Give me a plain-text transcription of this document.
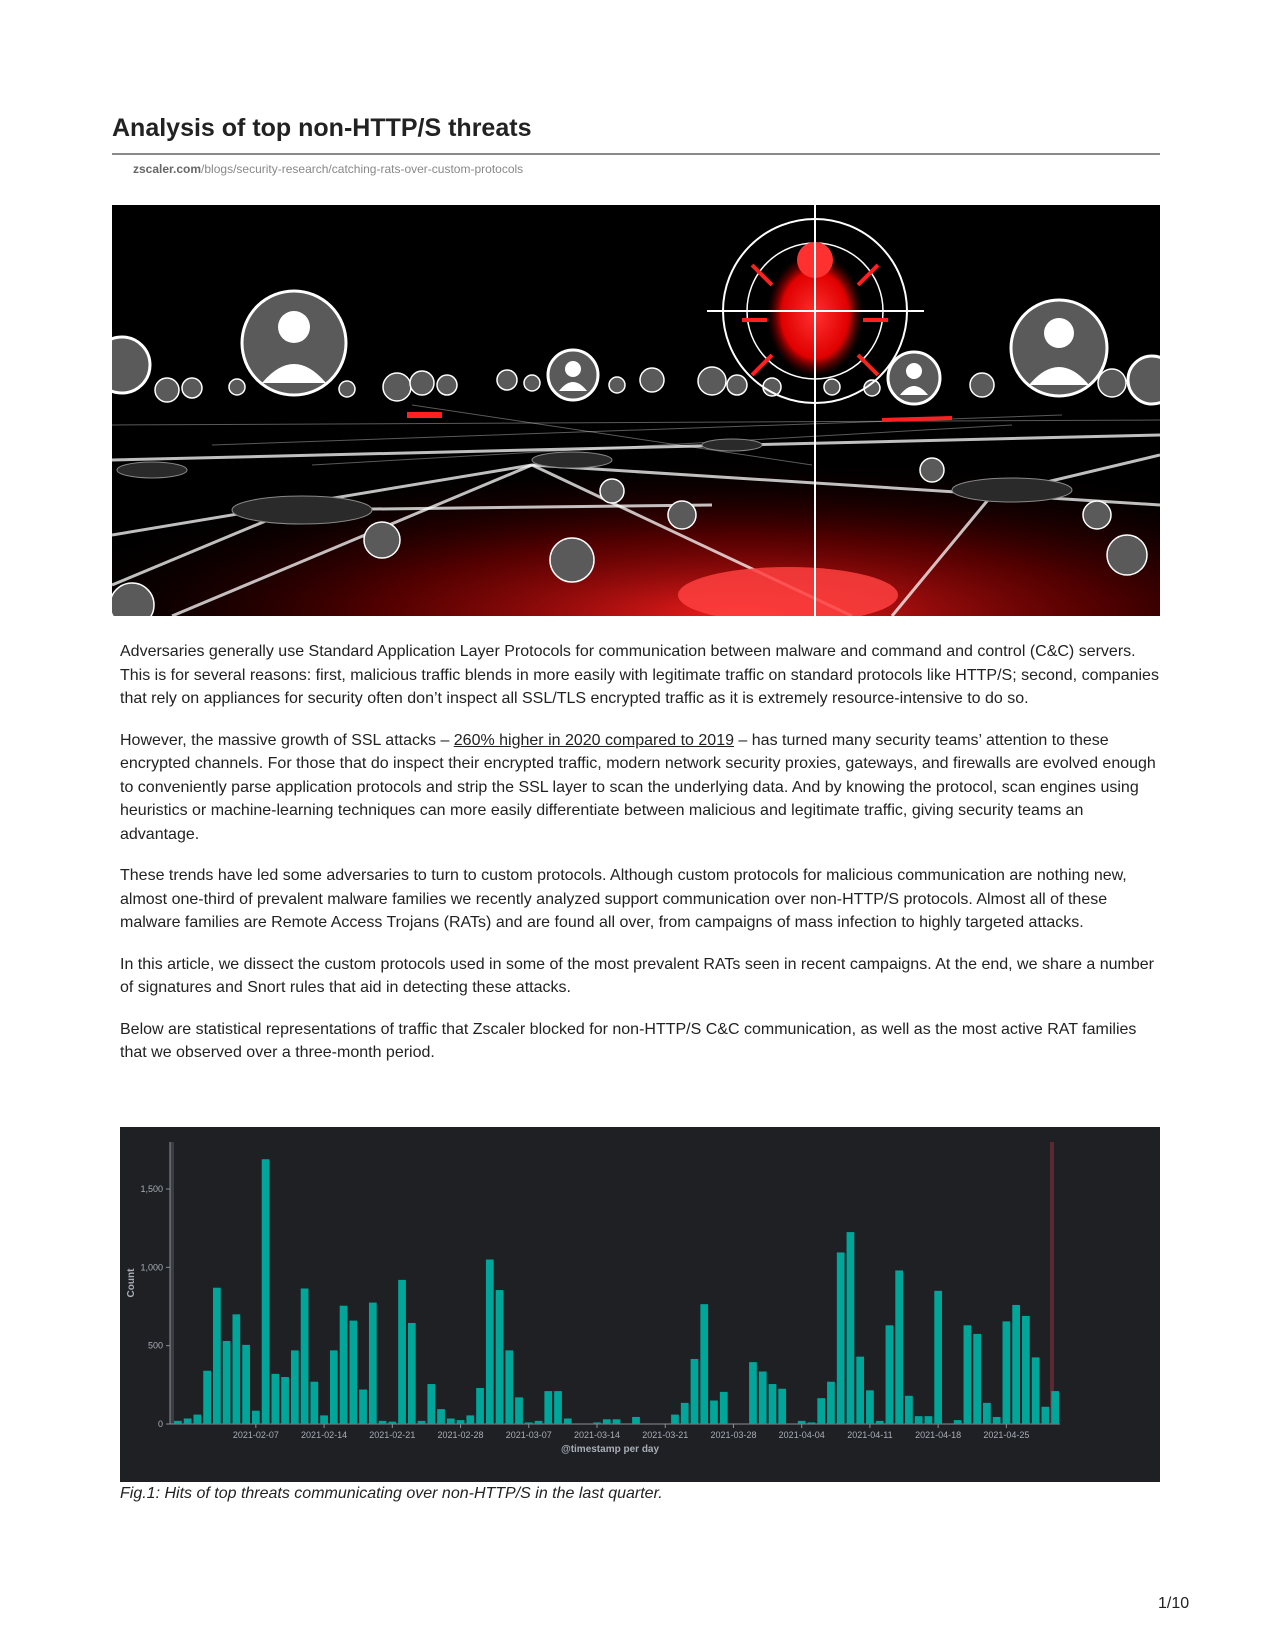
Analysis of top non-HTTP/S threats
zscaler.com/blogs/security-research/catching-rats-over-custom-protocols

Adversaries generally use Standard Application Layer Protocols for communication between malware and command and control (C&C) servers. This is for several reasons: first, malicious traffic blends in more easily with legitimate traffic on standard protocols like HTTP/S; second, companies that rely on appliances for security often don’t inspect all SSL/TLS encrypted traffic as it is extremely resource-intensive to do so.

However, the massive growth of SSL attacks – 260% higher in 2020 compared to 2019 – has turned many security teams’ attention to these encrypted channels. For those that do inspect their encrypted traffic, modern network security proxies, gateways, and firewalls are evolved enough to conveniently parse application protocols and strip the SSL layer to scan the underlying data. And by knowing the protocol, scan engines using heuristics or machine-learning techniques can more easily differentiate between malicious and legitimate traffic, giving security teams an advantage.

These trends have led some adversaries to turn to custom protocols. Although custom protocols for malicious communication are nothing new, almost one-third of prevalent malware families we recently analyzed support communication over non-HTTP/S protocols. Almost all of these malware families are Remote Access Trojans (RATs) and are found all over, from campaigns of mass infection to highly targeted attacks.

In this article, we dissect the custom protocols used in some of the most prevalent RATs seen in recent campaigns. At the end, we share a number of signatures and Snort rules that aid in detecting these attacks.

Below are statistical representations of traffic that Zscaler blocked for non-HTTP/S C&C communication, as well as the most active RAT families that we observed over a three-month period.

0
500
1,000
1,500
2021-02-07 2021-02-14 2021-02-21 2021-02-28 2021-03-07 2021-03-14 2021-03-21 2021-03-28 2021-04-04	2021-04-11	2021-04-18 2021-04-25
@timestamp per day
Count
Fig.1: Hits of top threats communicating over non-HTTP/S in the last quarter.
1/10
